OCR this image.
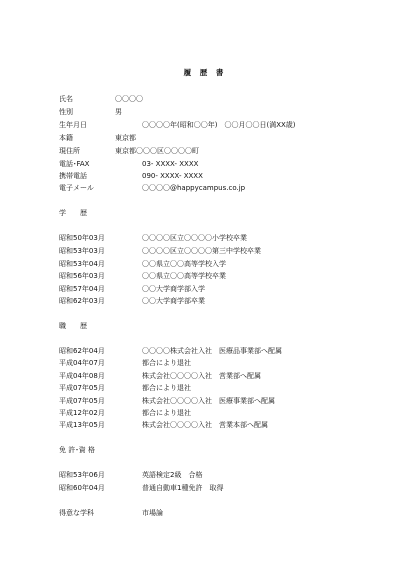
履 歴 書
氏名	〇〇〇〇
性別	男
生年月日	〇〇〇〇年(昭和〇〇年)　〇〇月〇〇日(満XX歳)
本籍	東京都
現住所	東京都〇〇〇区〇〇〇〇町
電話･FAX	03- XXXX- XXXX
携帯電話	090- XXXX- XXXX
電子メール	〇〇〇〇@happycampus.co.jp
学　　歴
昭和50年03月	〇〇〇〇区立〇〇〇〇小学校卒業
昭和53年03月	〇〇〇〇区立〇〇〇〇第三中学校卒業
昭和53年04月	〇〇県立〇〇高等学校入学
昭和56年03月	〇〇県立〇〇高等学校卒業
昭和57年04月	〇〇大学商学部入学
昭和62年03月	〇〇大学商学部卒業
職　　歴
昭和62年04月	〇〇〇〇株式会社入社　医療品事業部へ配属
平成04年07月	都合により退社
平成04年08月	株式会社〇〇〇〇入社　営業部へ配属
平成07年05月	都合により退社
平成07年05月	株式会社〇〇〇〇入社　医療事業部へ配属
平成12年02月	都合により退社
平成13年05月	株式会社〇〇〇〇入社　営業本部へ配属
免 許･資 格
昭和53年06月	英語検定2級　合格
昭和60年04月	普通自動車1種免許　取得
得意な学科	市場論
